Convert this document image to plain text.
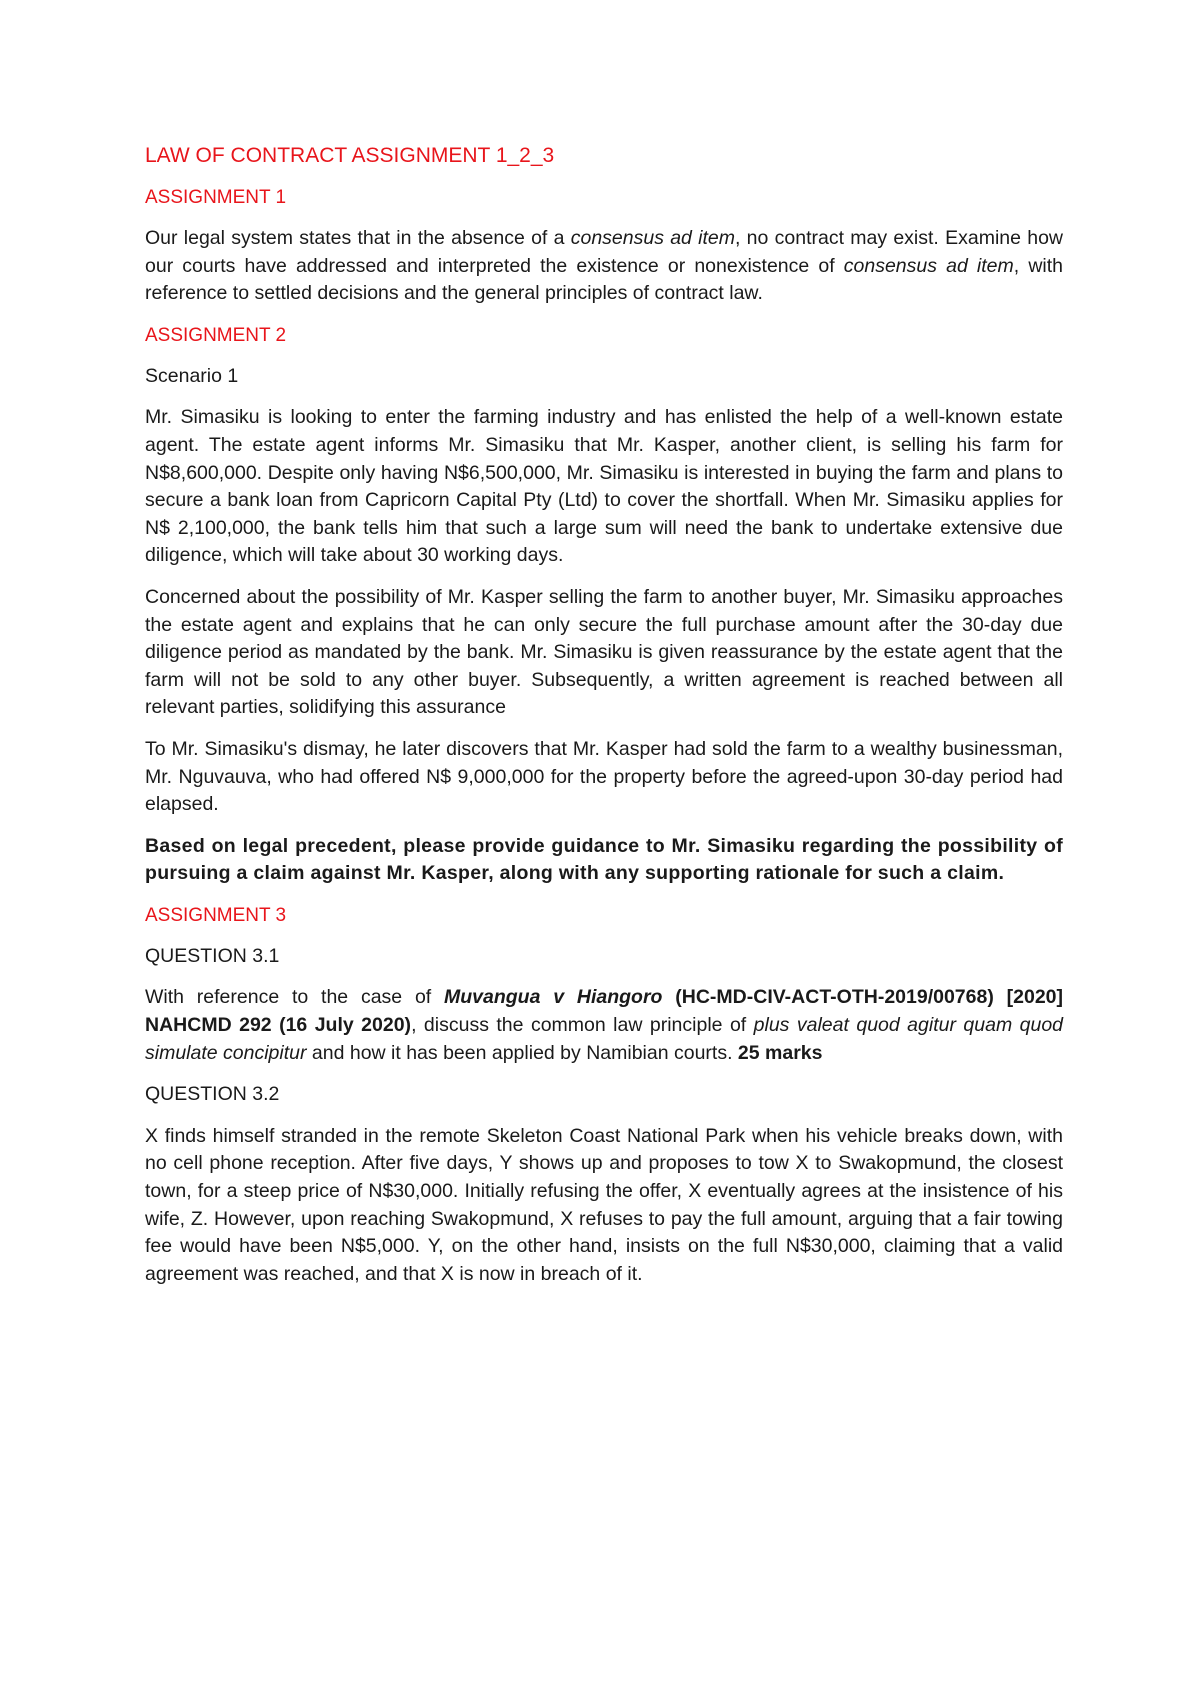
LAW OF CONTRACT ASSIGNMENT 1_2_3
ASSIGNMENT 1

Our legal system states that in the absence of a consensus ad item, no contract may exist. Examine how our courts have addressed and interpreted the existence or nonexistence of consensus ad item, with reference to settled decisions and the general principles of contract law.

ASSIGNMENT 2

Scenario 1

Mr. Simasiku is looking to enter the farming industry and has enlisted the help of a well-known estate agent. The estate agent informs Mr. Simasiku that Mr. Kasper, another client, is selling his farm for N$8,600,000. Despite only having N$6,500,000, Mr. Simasiku is interested in buying the farm and plans to secure a bank loan from Capricorn Capital Pty (Ltd) to cover the shortfall. When Mr. Simasiku applies for N$ 2,100,000, the bank tells him that such a large sum will need the bank to undertake extensive due diligence, which will take about 30 working days.

Concerned about the possibility of Mr. Kasper selling the farm to another buyer, Mr. Simasiku approaches the estate agent and explains that he can only secure the full purchase amount after the 30-day due diligence period as mandated by the bank. Mr. Simasiku is given reassurance by the estate agent that the farm will not be sold to any other buyer. Subsequently, a written agreement is reached between all relevant parties, solidifying this assurance

To Mr. Simasiku's dismay, he later discovers that Mr. Kasper had sold the farm to a wealthy businessman, Mr. Nguvauva, who had offered N$ 9,000,000 for the property before the agreed-upon 30-day period had elapsed.

Based on legal precedent, please provide guidance to Mr. Simasiku regarding the possibility of pursuing a claim against Mr. Kasper, along with any supporting rationale for such a claim.

ASSIGNMENT 3

QUESTION 3.1

With reference to the case of Muvangua v Hiangoro (HC-MD-CIV-ACT-OTH-2019/00768) [2020] NAHCMD 292 (16 July 2020), discuss the common law principle of plus valeat quod agitur quam quod simulate concipitur and how it has been applied by Namibian courts. 25 marks

QUESTION 3.2

X finds himself stranded in the remote Skeleton Coast National Park when his vehicle breaks down, with no cell phone reception. After five days, Y shows up and proposes to tow X to Swakopmund, the closest town, for a steep price of N$30,000. Initially refusing the offer, X eventually agrees at the insistence of his wife, Z. However, upon reaching Swakopmund, X refuses to pay the full amount, arguing that a fair towing fee would have been N$5,000. Y, on the other hand, insists on the full N$30,000, claiming that a valid agreement was reached, and that X is now in breach of it.
